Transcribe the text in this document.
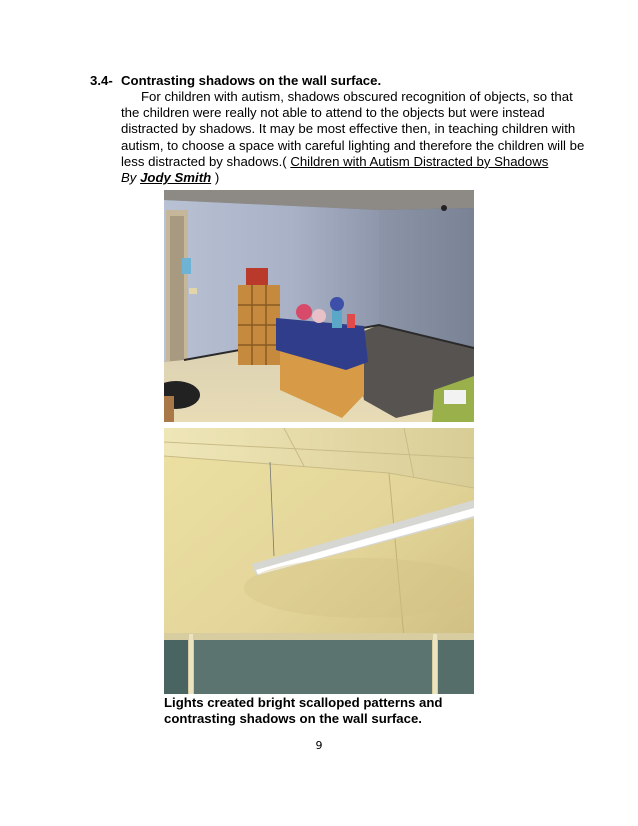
3.4- Contrasting shadows on the wall surface.

For children with autism, shadows obscured recognition of objects, so that

the children were really not able to attend to the objects but were instead

distracted by shadows. It may be most effective then, in teaching children with

autism, to choose a space with careful lighting and therefore the children will be

less distracted by shadows.( Children with Autism Distracted by Shadows

By Jody Smith )

Lights created bright scalloped patterns and

contrasting shadows on the wall surface.

9
